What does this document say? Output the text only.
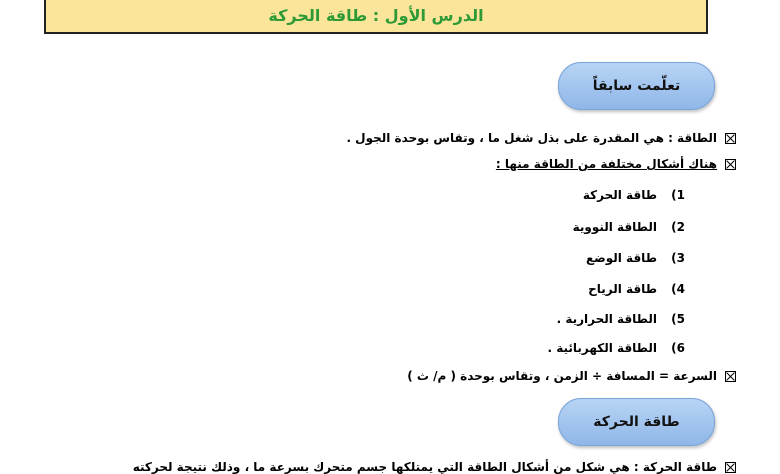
الدرس الأول : طاقة الحركة
تعلّمت سابقاً
الطاقة : هي المقدرة على بذل شغل ما ، وتقاس بوحدة الجول .
هناك أشكال مختلفة من الطاقة منها :
1)طاقة الحركة
2)الطاقة النووية
3)طاقة الوضع
4)طاقة الرياح
5)الطاقة الحرارية .
6)الطاقة الكهربائية .
السرعة = المسافة ÷ الزمن ، وتقاس بوحدة ( م/ ث )
طاقة الحركة
طاقة الحركة : هي شكل من أشكال الطاقة التي يمتلكها جسم متحرك بسرعة ما ، وذلك نتيجة لحركته
